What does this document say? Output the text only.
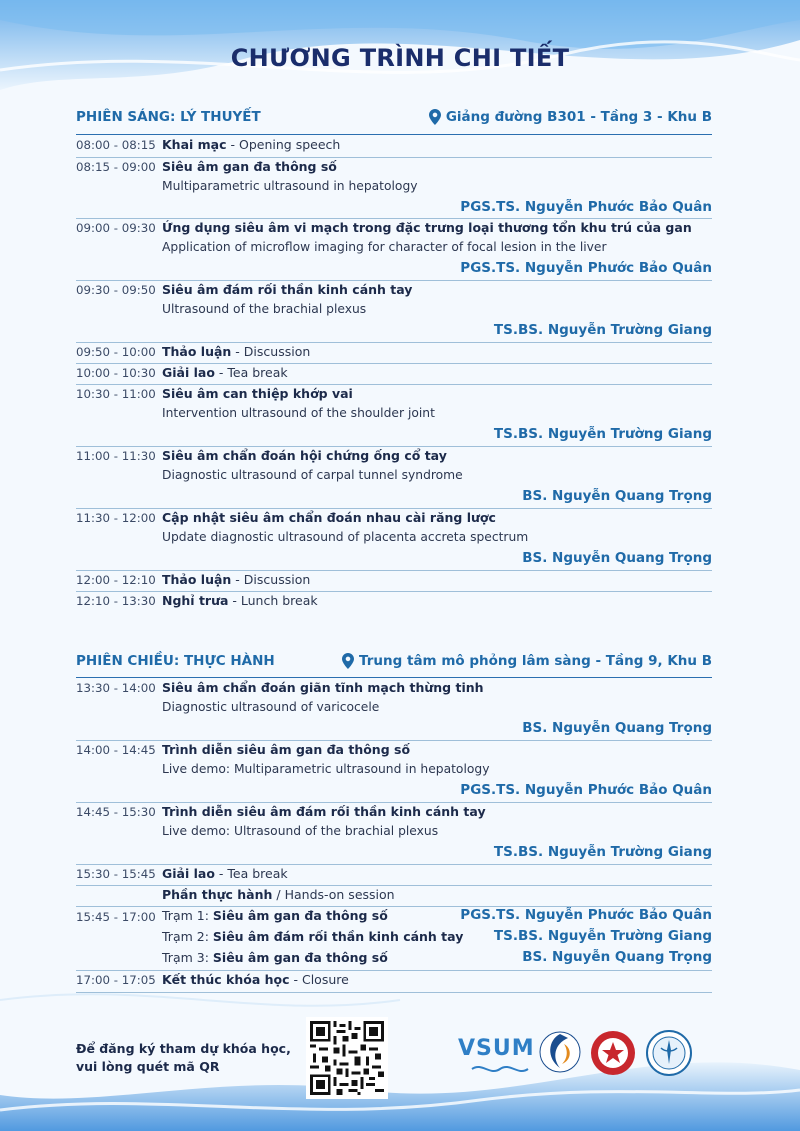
CHƯƠNG TRÌNH CHI TIẾT
PHIÊN SÁNG: LÝ THUYẾT	Giảng đường B301 - Tầng 3 - Khu B
08:00 - 08:15 Khai mạc - Opening speech
08:15 - 09:00 Siêu âm gan đa thông số
Multiparametric ultrasound in hepatology
PGS.TS. Nguyễn Phước Bảo Quân
09:00 - 09:30 Ứng dụng siêu âm vi mạch trong đặc trưng loại thương tổn khu trú của gan
Application of microflow imaging for character of focal lesion in the liver
PGS.TS. Nguyễn Phước Bảo Quân
09:30 - 09:50 Siêu âm đám rối thần kinh cánh tay
Ultrasound of the brachial plexus
TS.BS. Nguyễn Trường Giang
09:50 - 10:00 Thảo luận - Discussion
10:00 - 10:30 Giải lao - Tea break
10:30 - 11:00 Siêu âm can thiệp khớp vai
Intervention ultrasound of the shoulder joint
TS.BS. Nguyễn Trường Giang
11:00 - 11:30 Siêu âm chẩn đoán hội chứng ống cổ tay
Diagnostic ultrasound of carpal tunnel syndrome
BS. Nguyễn Quang Trọng
11:30 - 12:00 Cập nhật siêu âm chẩn đoán nhau cài răng lược
Update diagnostic ultrasound of placenta accreta spectrum
BS. Nguyễn Quang Trọng
12:00 - 12:10 Thảo luận - Discussion
12:10 - 13:30 Nghỉ trưa - Lunch break
PHIÊN CHIỀU: THỰC HÀNH	Trung tâm mô phỏng lâm sàng - Tầng 9, Khu B
13:30 - 14:00 Siêu âm chẩn đoán giãn tĩnh mạch thừng tinh
Diagnostic ultrasound of varicocele
BS. Nguyễn Quang Trọng
14:00 - 14:45 Trình diễn siêu âm gan đa thông số
Live demo: Multiparametric ultrasound in hepatology
PGS.TS. Nguyễn Phước Bảo Quân
14:45 - 15:30 Trình diễn siêu âm đám rối thần kinh cánh tay
Live demo: Ultrasound of the brachial plexus
TS.BS. Nguyễn Trường Giang
15:30 - 15:45 Giải lao - Tea break
Phần thực hành / Hands-on session
15:45 - 17:00 Trạm 1: Siêu âm gan đa thông số	PGS.TS. Nguyễn Phước Bảo Quân
Trạm 2: Siêu âm đám rối thần kinh cánh tay TS.BS. Nguyễn Trường Giang
Trạm 3: Siêu âm gan đa thông số	BS. Nguyễn Quang Trọng
17:00 - 17:05 Kết thúc khóa học - Closure
Để đăng ký tham dự khóa học,
vui lòng quét mã QR
VSUM
